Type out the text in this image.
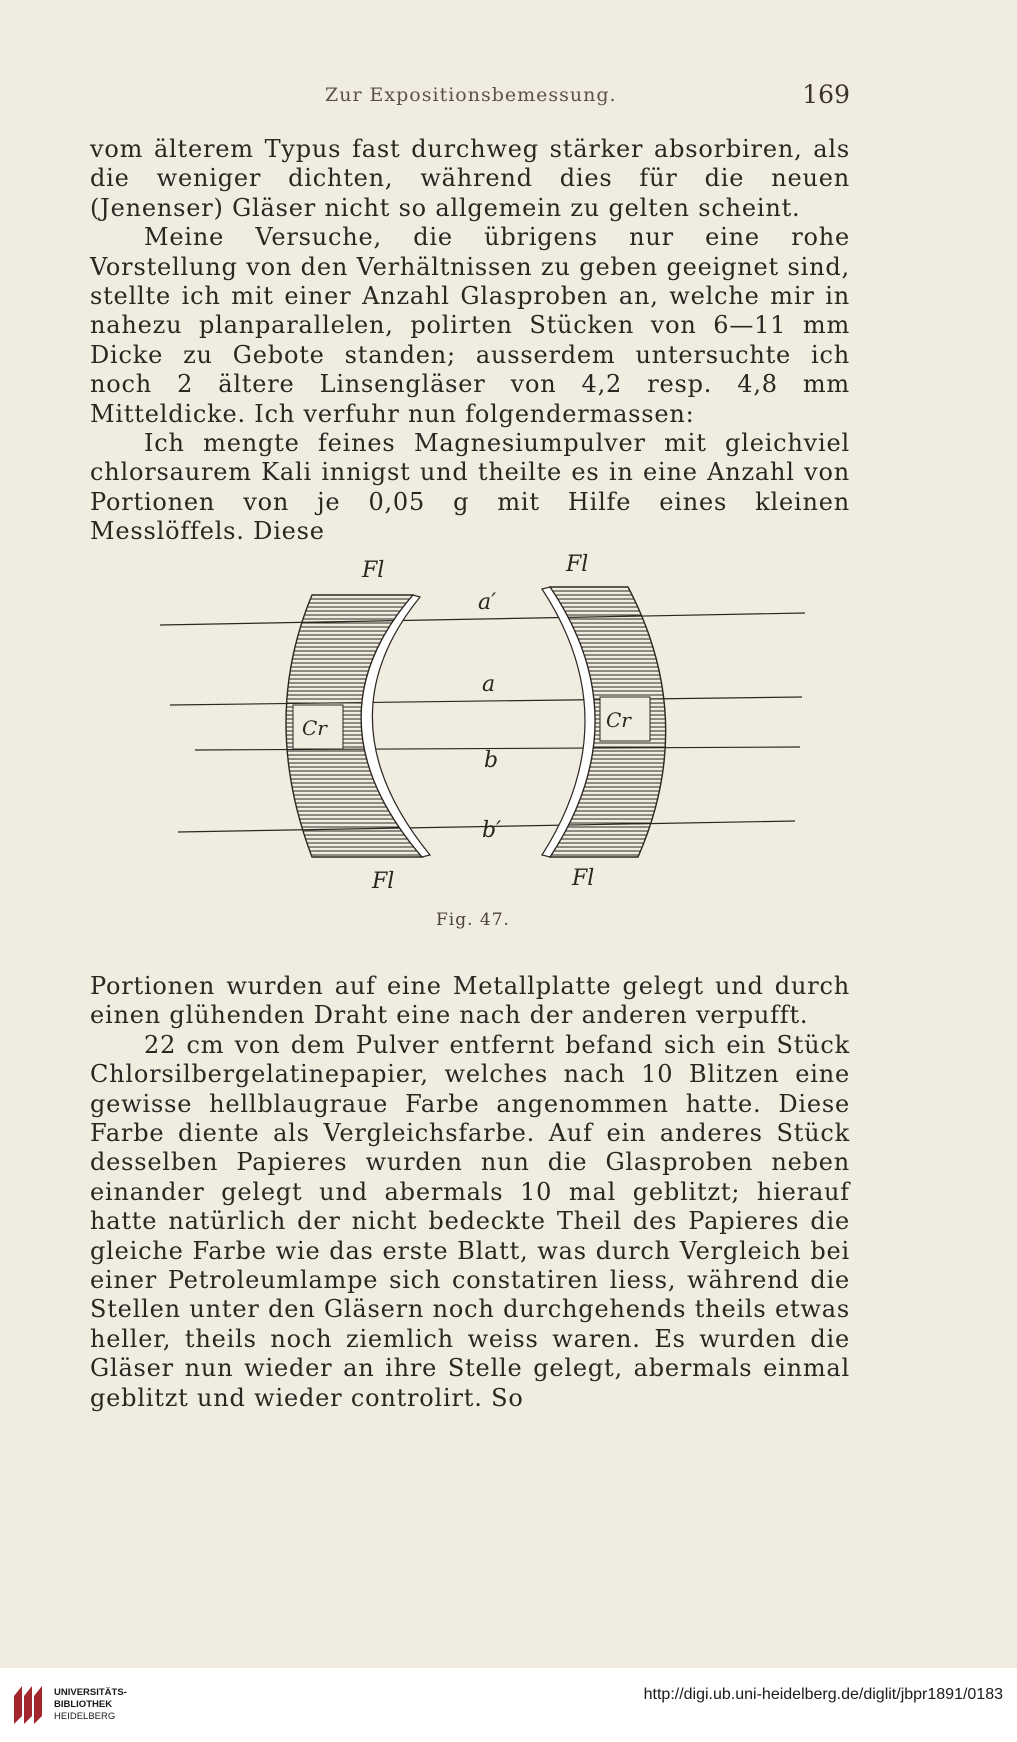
Zur Expositionsbemessung.	169

vom älterem Typus fast durchweg stärker absorbiren, als die weniger dichten, während dies für die neuen (Jenenser) Gläser nicht so allgemein zu gelten scheint.

Meine Versuche, die übrigens nur eine rohe Vorstellung von den Verhältnissen zu geben geeignet sind, stellte ich mit einer Anzahl Glasproben an, welche mir in nahezu planparallelen, polirten Stücken von 6—11 mm Dicke zu Gebote standen; ausserdem untersuchte ich noch 2 ältere Linsengläser von 4,2 resp. 4,8 mm Mitteldicke. Ich verfuhr nun folgendermassen:

Ich mengte feines Magnesiumpulver mit gleichviel chlorsaurem Kali innigst und theilte es in eine Anzahl von Portionen von je 0,05 g mit Hilfe eines kleinen Messlöffels. Diese

Fl	Fl
a′
a
Cr	Cr
b
b′
Fl	Fl
Fig. 47.

Portionen wurden auf eine Metallplatte gelegt und durch einen glühenden Draht eine nach der anderen verpufft.

22 cm von dem Pulver entfernt befand sich ein Stück Chlorsilbergelatinepapier, welches nach 10 Blitzen eine gewisse hellblaugraue Farbe angenommen hatte. Diese Farbe diente als Vergleichsfarbe. Auf ein anderes Stück desselben Papieres wurden nun die Glasproben neben einander gelegt und abermals 10 mal geblitzt; hierauf hatte natürlich der nicht bedeckte Theil des Papieres die gleiche Farbe wie das erste Blatt, was durch Vergleich bei einer Petroleumlampe sich constatiren liess, während die Stellen unter den Gläsern noch durchgehends theils etwas heller, theils noch ziemlich weiss waren. Es wurden die Gläser nun wieder an ihre Stelle gelegt, abermals einmal geblitzt und wieder controlirt. So

UNIVERSITÄTS-
BIBLIOTHEK
HEIDELBERG
http://digi.ub.uni-heidelberg.de/diglit/jbpr1891/0183
